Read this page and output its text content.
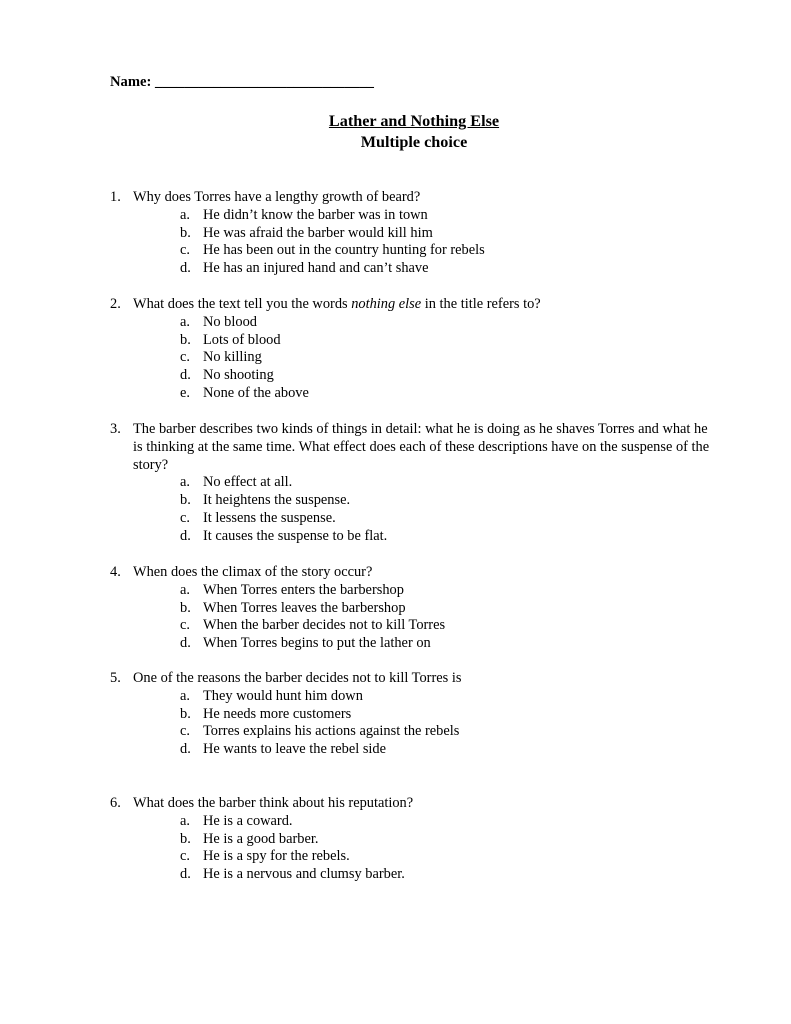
Name: ______________________________
Lather and Nothing Else
Multiple choice
1. Why does Torres have a lengthy growth of beard?
a. He didn’t know the barber was in town
b. He was afraid the barber would kill him
c. He has been out in the country hunting for rebels
d. He has an injured hand and can’t shave
2. What does the text tell you the words nothing else in the title refers to?
a. No blood
b. Lots of blood
c. No killing
d. No shooting
e. None of the above
3. The barber describes two kinds of things in detail: what he is doing as he shaves Torres and what he is thinking at the same time. What effect does each of these descriptions have on the suspense of the story?
a. No effect at all.
b. It heightens the suspense.
c. It lessens the suspense.
d. It causes the suspense to be flat.
4. When does the climax of the story occur?
a. When Torres enters the barbershop
b. When Torres leaves the barbershop
c. When the barber decides not to kill Torres
d. When Torres begins to put the lather on
5. One of the reasons the barber decides not to kill Torres is
a. They would hunt him down
b. He needs more customers
c. Torres explains his actions against the rebels
d. He wants to leave the rebel side
6. What does the barber think about his reputation?
a. He is a coward.
b. He is a good barber.
c. He is a spy for the rebels.
d. He is a nervous and clumsy barber.
